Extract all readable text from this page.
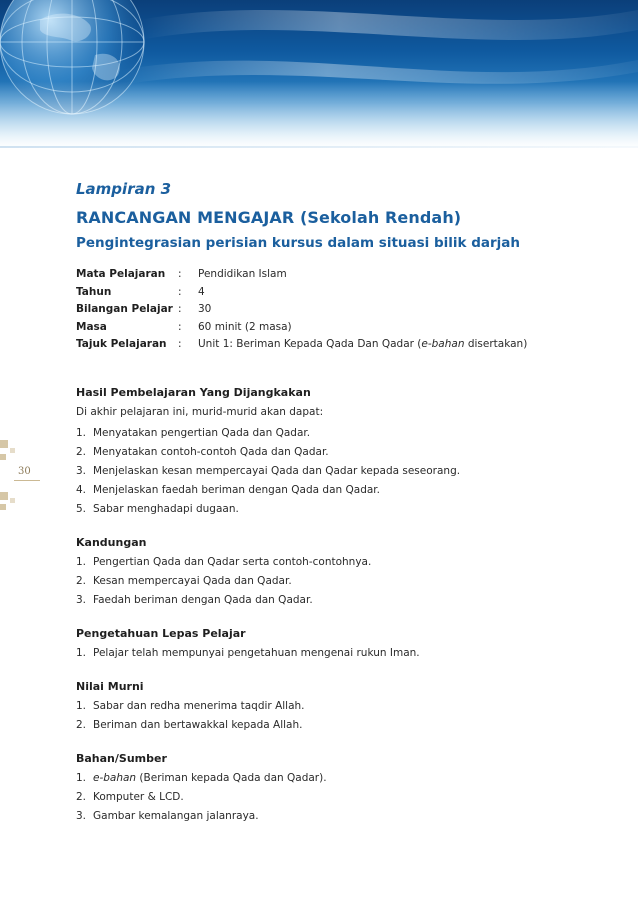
30
Lampiran 3
RANCANGAN MENGAJAR (Sekolah Rendah)
Pengintegrasian perisian kursus dalam situasi bilik darjah
Mata Pelajaran	:	Pendidikan Islam
Tahun	:	4
Bilangan Pelajar	:	30
Masa	:	60 minit (2 masa)
Tajuk Pelajaran	:	Unit 1: Beriman Kepada Qada Dan Qadar (e-bahan disertakan)
Hasil Pembelajaran Yang Dijangkakan
Di akhir pelajaran ini, murid-murid akan dapat:
1. Menyatakan pengertian Qada dan Qadar.
2. Menyatakan contoh-contoh Qada dan Qadar.
3. Menjelaskan kesan mempercayai Qada dan Qadar kepada seseorang.
4. Menjelaskan faedah beriman dengan Qada dan Qadar.
5. Sabar menghadapi dugaan.
Kandungan
1. Pengertian Qada dan Qadar serta contoh-contohnya.
2. Kesan mempercayai Qada dan Qadar.
3. Faedah beriman dengan Qada dan Qadar.
Pengetahuan Lepas Pelajar
1. Pelajar telah mempunyai pengetahuan mengenai rukun Iman.
Nilai Murni
1. Sabar dan redha menerima taqdir Allah.
2. Beriman dan bertawakkal kepada Allah.
Bahan/Sumber
1. e-bahan (Beriman kepada Qada dan Qadar).
2. Komputer & LCD.
3. Gambar kemalangan jalanraya.
